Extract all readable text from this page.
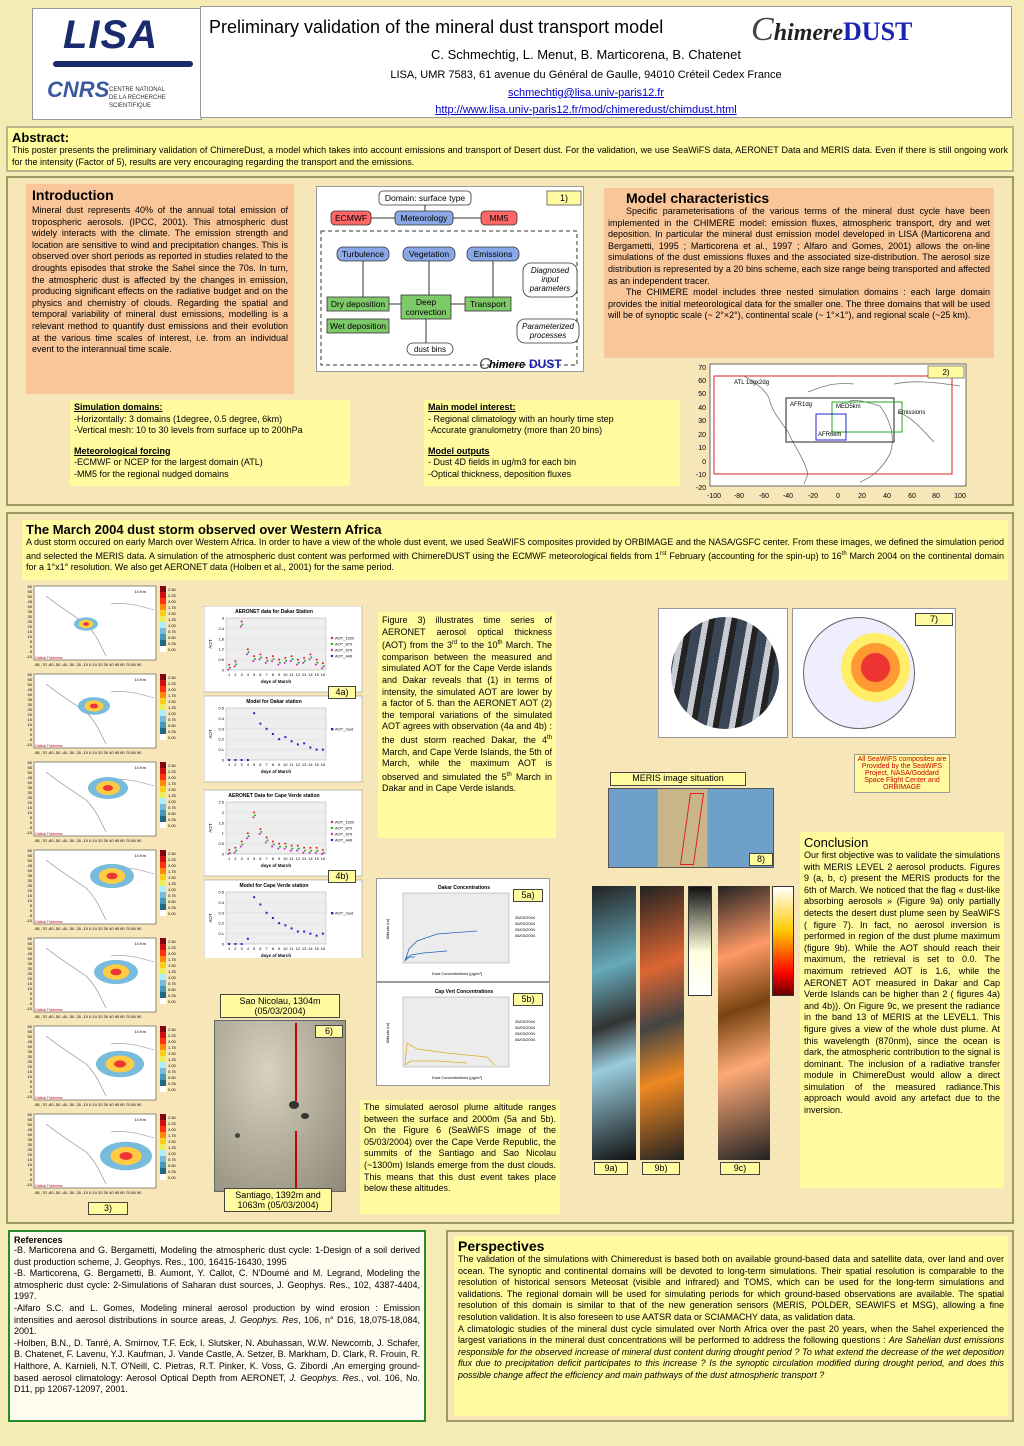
LISA
CNRS CENTRE NATIONAL
DE LA RECHERCHE
SCIENTIFIQUE
Preliminary validation of the mineral dust transport model	ChimereDUST
C. Schmechtig, L. Menut, B. Marticorena, B. Chatenet
LISA, UMR 7583, 61 avenue du Général de Gaulle, 94010 Créteil Cedex France
schmechtig@lisa.univ-paris12.fr
http://www.lisa.univ-paris12.fr/mod/chimeredust/chimdust.html
Abstract:

This poster presents the preliminary validation of ChimereDust, a model which takes into account emissions and transport of Desert dust. For the validation, we use SeaWiFS data, AERONET Data and MERIS data. Even if there is still ongoing work for the intensity (Factor of 5), results are very encouraging regarding the transport and the emissions.

Introduction

Mineral dust represents 40% of the annual total emission of tropospheric aerosols. (IPCC, 2001). This atmospheric dust widely interacts with the climate. The emission strength and location are sensitive to wind and precipitation changes. This is observed over short periods as reported in studies related to the droughts episodes that stroke the Sahel since the 70s. In turn, the atmospheric dust is affected by the changes in emission, producing significant effects on the radiative budget and on the physics and chemistry of clouds. Regarding the spatial and temporal variability of mineral dust emissions, modelling is a relevant method to quantify dust emissions and their evolution at the various time scales of interest, i.e. from an individual event to the interannual time scale.

1)
Domain: surface type
ECMWF	Meteorology	MM5
Turbulence	Vegetation	Emissions
Diagnosed
input
parameters
Dry deposition
Wet deposition
Deep
convection
Transport
Parameterized
processes
dust bins
C
himere DUST
Model characteristics

Specific parameterisations of the various terms of the mineral dust cycle have been implemented in the CHIMERE model: emission fluxes, atmospheric transport, dry and wet deposition. In particular the mineral dust emission model developed in LISA (Marticorena and Bergametti, 1995 ; Marticorena et al., 1997 ; Alfaro and Gomes, 2001) allows the on-line simulations of the dust emissions fluxes and the associated size-distribution. The aerosol size distribution is represented by a 20 bins scheme, each size range being transported and affected as an independent tracer.

The CHIMERE model includes three nested simulation domains : each large domain provides the initial meteorological data for the smaller one. The three domains that will be used will be of synoptic scale (~ 2°×2°), continental scale (~ 1°×1°), and regional scale (~25 km).

2)
ATL 1dgx2dg
AFR1dg	MED5km
Emissions
AFR6km
70
60
50
40
30
20
10
0
-10
-20
-100 -80 -60 -40 -20	0	20 40 60 80 100
Simulation domains:
-Horizontally: 3 domains (1degree, 0.5 degree, 6km)
-Vertical mesh: 10 to 30 levels from surface up to 200hPa
Meteorological forcing
-ECMWF or NCEP for the largest domain (ATL)
-MM5 for the regional nudged domains
Main model interest:
- Regional climatology with an hourly time step
-Accurate granulometry (more than 20 bins)
Model outputs
- Dust 4D fields in ug/m3 for each bin
-Optical thickness, deposition fluxes
The March 2004 dust storm observed over Western Africa

A dust storm occured on early March over Western Africa. In order to have a view of the whole dust event, we used SeaWIFS composites provided by ORBIMAGE and the NASA/GSFC center. From these images, we defined the simulation period and selected the MERIS data. A simulation of the atmospheric dust content was performed with ChimereDUST using the ECMWF meteorological fields from $1^{rst}$ February (accounting for the spin-up) to 16th March 2004 on the continental domain for a 1°x1° resolution. We also get AERONET data (Holben et al., 2001) for the same period.

Optical Thickness
10 Km
60
55
50
45
40
35
30
25
20
15
10
5
0
-5
-10
-80 -70 -60 -50 -40 -30 -20 -10 0 10 20 30 40 50 60 70 80 90
2.50
2.25
2.00
1.75
1.50
1.25
1.00
0.75
0.50
0.25
0.00
Optical Thickness
10 Km
60
55
50
45
40
35
30
25
20
15
10
5
0
-5
-10
-80 -70 -60 -50 -40 -30 -20 -10 0 10 20 30 40 50 60 70 80 90
2.50
2.25
2.00
1.75
1.50
1.25
1.00
0.75
0.50
0.25
0.00
Optical Thickness
10 Km
60
55
50
45
40
35
30
25
20
15
10
5
0
-5
-10
-80 -70 -60 -50 -40 -30 -20 -10 0 10 20 30 40 50 60 70 80 90
2.50
2.25
2.00
1.75
1.50
1.25
1.00
0.75
0.50
0.25
0.00
Optical Thickness
10 Km
60
55
50
45
40
35
30
25
20
15
10
5
0
-5
-10
-80 -70 -60 -50 -40 -30 -20 -10 0 10 20 30 40 50 60 70 80 90
2.50
2.25
2.00
1.75
1.50
1.25
1.00
0.75
0.50
0.25
0.00
Optical Thickness
10 Km
60
55
50
45
40
35
30
25
20
15
10
5
0
-5
-10
-80 -70 -60 -50 -40 -30 -20 -10 0 10 20 30 40 50 60 70 80 90
2.50
2.25
2.00
1.75
1.50
1.25
1.00
0.75
0.50
0.25
0.00
Optical Thickness
10 Km
60
55
50
45
40
35
30
25
20
15
10
5
0
-5
-10
-80 -70 -60 -50 -40 -30 -20 -10 0 10 20 30 40 50 60 70 80 90
2.50
2.25
2.00
1.75
1.50
1.25
1.00
0.75
0.50
0.25
0.00
Optical Thickness
10 Km
60
55
50
45
40
35
30
25
20
15
10
5
0
-5
-10
-80 -70 -60 -50 -40 -30 -20 -10 0 10 20 30 40 50 60 70 80 90
2.50
2.25
2.00
1.75
1.50
1.25
1.00
0.75
0.50
0.25
0.00
3)
AERONET data for Dakar Station
0
0.6
1.2
1.8
2.4
3
1 2 3 4 5 6 7 8 9 10 11 12 13 14 15 16
days of March
AOT
AOT_1020
AOT_870
AOT_670
AOT_440
Model for Dakar station
0
0.1
0.2
0.3
0.4
0.5
1 2 3 4 5 6 7 8 9 10 11 12 13 14 15 16
days of March
AOT
AOT_mod
AERONET Data for Cape Verde station
0
0.5
1
1.5
2
2.5
1 2 3 4 5 6 7 8 9 10 11 12 13 14 15 16
days of March
AOT
AOT_1020
AOT_870
AOT_670
AOT_440
Model for Cape Verde station
0
0.1
0.2
0.3
0.4
0.5
1 2 3 4 5 6 7 8 9 10 11 12 13 14 15 16
days of March
AOT
AOT_mod
4a)
4b)

Figure 3) illustrates time series of AERONET aerosol optical thickness (AOT) from the 3rd to the 10th March. The comparison between the measured and simulated AOT for the Cape Verde islands and Dakar reveals that (1) in terms of intensity, the simulated AOT are lower by a factor of 5. than the AERONET AOT (2) the temporal variations of the simulated AOT agrees with observation (4a and 4b) : the dust storm reached Dakar, the 4th March, and Cape Verde Islands, the 5th of March, while the maximum AOT is observed and simulated the 5th March in Dakar and in Cape Verde islands.

Dakar Concentrations
Dust Concentrations (µg/m³)
Altitude (m)
05/03/2004
06/03/2004
05/03/2004
06/03/2004
5a)
Cap Vert Concentrations
Dust Concentrations (µg/m³)
Altitude (m)
05/03/2004
06/03/2004
05/03/2004
06/03/2004
5b)
Sao Nicolau, 1304m (05/03/2004)
6)
Santiago, 1392m and 1063m (05/03/2004)

The simulated aerosol plume altitude ranges between the surface and 2000m (5a and 5b). On the Figure 6 (SeaWiFS image of the 05/03/2004) over the Cape Verde Republic, the summits of the Santiago and Sao Nicolau (~1300m) Islands emerge from the dust clouds. This means that this dust event takes place below these altitudes.

7)
All SeaWiFS composites are Provided by the SeaWiFS Project, NASA/Goddard Space Flight Center and ORBIMAGE
MERIS image situation
8)
9a)	9b)	9c)
Conclusion

Our first objective was to validate the simulations with MERIS LEVEL 2 aerosol products. Figures 9 (a, b, c) present the MERIS products for the 6th of March. We noticed that the flag « dust-like absorbing aerosols » (Figure 9a) only partially detects the desert dust plume seen by SeaWiFS ( figure 7). In fact, no aerosol inversion is performed in region of the dust plume maximum (figure 9b). While the AOT should reach their maximum, the retrieval is set to 0.0. The maximum retrieved AOT is 1.6, while the AERONET AOT measured in Dakar and Cap Verde Islands can be higher than 2 ( figures 4a) and 4b)). On Figure 9c, we present the radiance in the band 13 of MERIS at the LEVEL1. This figure gives a view of the whole dust plume. At this wavelength (870nm), since the ocean is dark, the atmospheric contribution to the signal is dominant. The inclusion of a radiative transfer module in ChimereDust would allow a direct simulation of the measured radiance.This approach would avoid any artefact due to the inversion.

References

-B. Marticorena and G. Bergametti, Modeling the atmospheric dust cycle: 1-Design of a soil derived dust production scheme, J. Geophys. Res., 100, 16415-16430, 1995

-B. Marticorena, G. Bergametti, B. Aumont, Y. Callot, C. N'Doumé and M. Legrand, Modeling the atmospheric dust cycle: 2-Simulations of Saharan dust sources, J. Geophys. Res., 102, 4387-4404, 1997.

-Alfaro S.C. and L. Gomes, Modeling mineral aerosol production by wind erosion : Emission intensities and aerosol distributions in source areas, J. Geophys. Res, 106, n° D16, 18,075-18,084, 2001.

-Holben, B.N., D. Tanré, A. Smirnov, T.F. Eck, I. Slutsker, N. Abuhassan, W.W. Newcomb, J. Schafer, B. Chatenet, F. Lavenu, Y.J. Kaufman, J. Vande Castle, A. Setzer, B. Markham, D. Clark, R. Frouin, R. Halthore, A. Karnieli, N.T. O'Neill, C. Pietras, R.T. Pinker, K. Voss, G. Zibordi ,An emerging ground-based aerosol climatology: Aerosol Optical Depth from AERONET, J. Geophys. Res., vol. 106, No. D11, pp 12067-12097, 2001.

Perspectives

The validation of the simulations with Chimeredust is based both on available ground-based data and satellite data, over land and over ocean. The synoptic and continental domains will be devoted to long-term simulations. Their spatial resolution is comparable to the resolution of historical sensors Meteosat (visible and infrared) and TOMS, which can be used for the long-term simulations and validations. The regional domain will be used for simulating periods for which ground-based observations are available. The spatial resolution of this domain is similar to that of the new generation sensors (MERIS, POLDER, SEAWIFS et MSG), allowing a fine resolution validation. It is also foreseen to use AATSR data or SCIAMACHY data, as validation data.

A climatologic studies of the mineral dust cycle simulated over North Africa over the past 20 years, when the Sahel experienced the largest variations in the mineral dust concentrations will be performed to address the following questions : Are Sahelian dust emissions responsible for the observed increase of mineral dust content during drought period ? To what extend the decrease of the wet deposition flux due to precipitation deficit participates to this increase ? Is the synoptic circulation modified during drought period, and does this possible change affect the efficiency and main pathways of the dust atmospheric transport ?
